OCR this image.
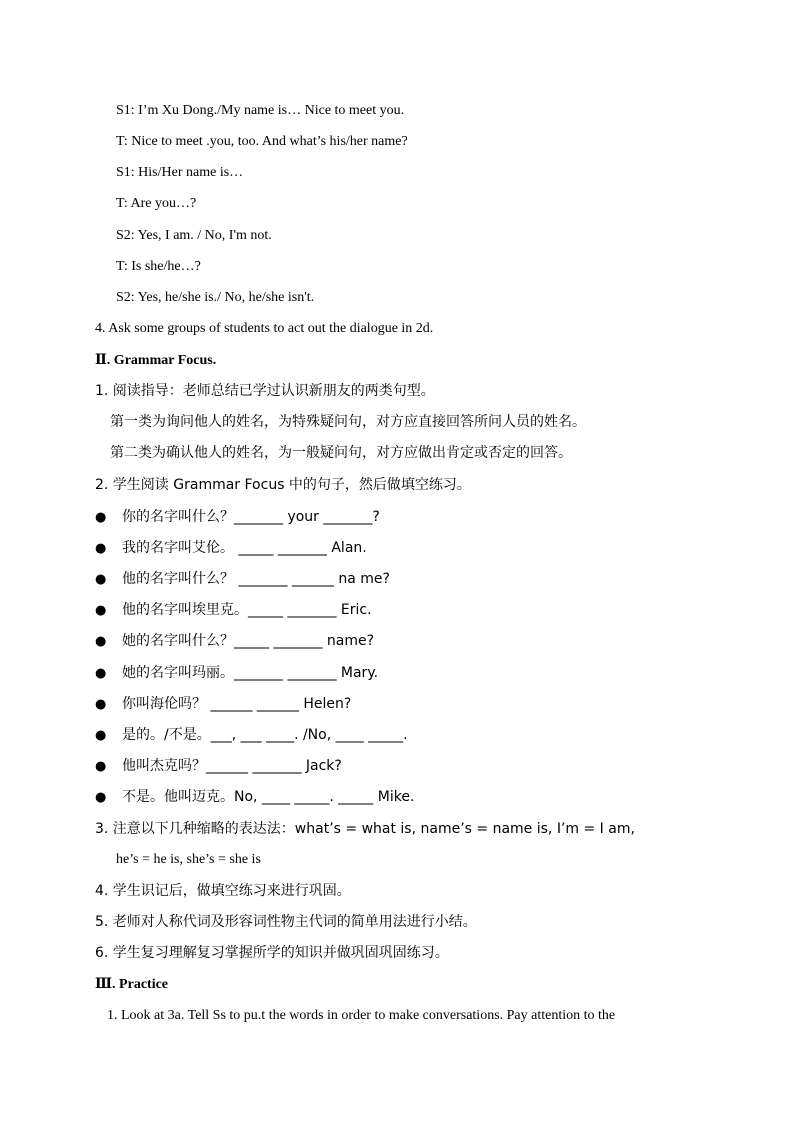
S1: I’m Xu Dong./My name is… Nice to meet you.
T: Nice to meet .you, too. And what’s his/her name?
S1: His/Her name is…
T: Are you…?
S2: Yes, I am. / No, I'm not.
T: Is she/he…?
S2: Yes, he/she is./ No, he/she isn't.
4. Ask some groups of students to act out the dialogue in 2d.
Ⅱ. Grammar Focus.
1. 阅读指导：老师总结已学过认识新朋友的两类句型。
第一类为询问他人的姓名，为特殊疑问句，对方应直接回答所问人员的姓名。
第二类为确认他人的姓名，为一般疑问句，对方应做出肯定或否定的回答。
2. 学生阅读 Grammar Focus 中的句子，然后做填空练习。
● 你的名字叫什么？_______ your _______?
● 我的名字叫艾伦。 _____ _______ Alan.
● 他的名字叫什么？ _______ ______ na me?
● 他的名字叫埃里克。_____ _______ Eric.
● 她的名字叫什么？_____ _______ name?
● 她的名字叫玛丽。_______ _______ Mary.
● 你叫海伦吗？ ______ ______ Helen?
● 是的。/不是。___, ___ ____. /No, ____ _____.
● 他叫杰克吗？______ _______ Jack?
● 不是。他叫迈克。No, ____ _____. _____ Mike.
3. 注意以下几种缩略的表达法：what’s = what is, name’s = name is, I’m = I am,
he’s = he is, she’s = she is
4. 学生识记后，做填空练习来进行巩固。
5. 老师对人称代词及形容词性物主代词的简单用法进行小结。
6. 学生复习理解复习掌握所学的知识并做巩固巩固练习。
Ⅲ. Practice
1. Look at 3a. Tell Ss to pu.t the words in order to make conversations. Pay attention to the
